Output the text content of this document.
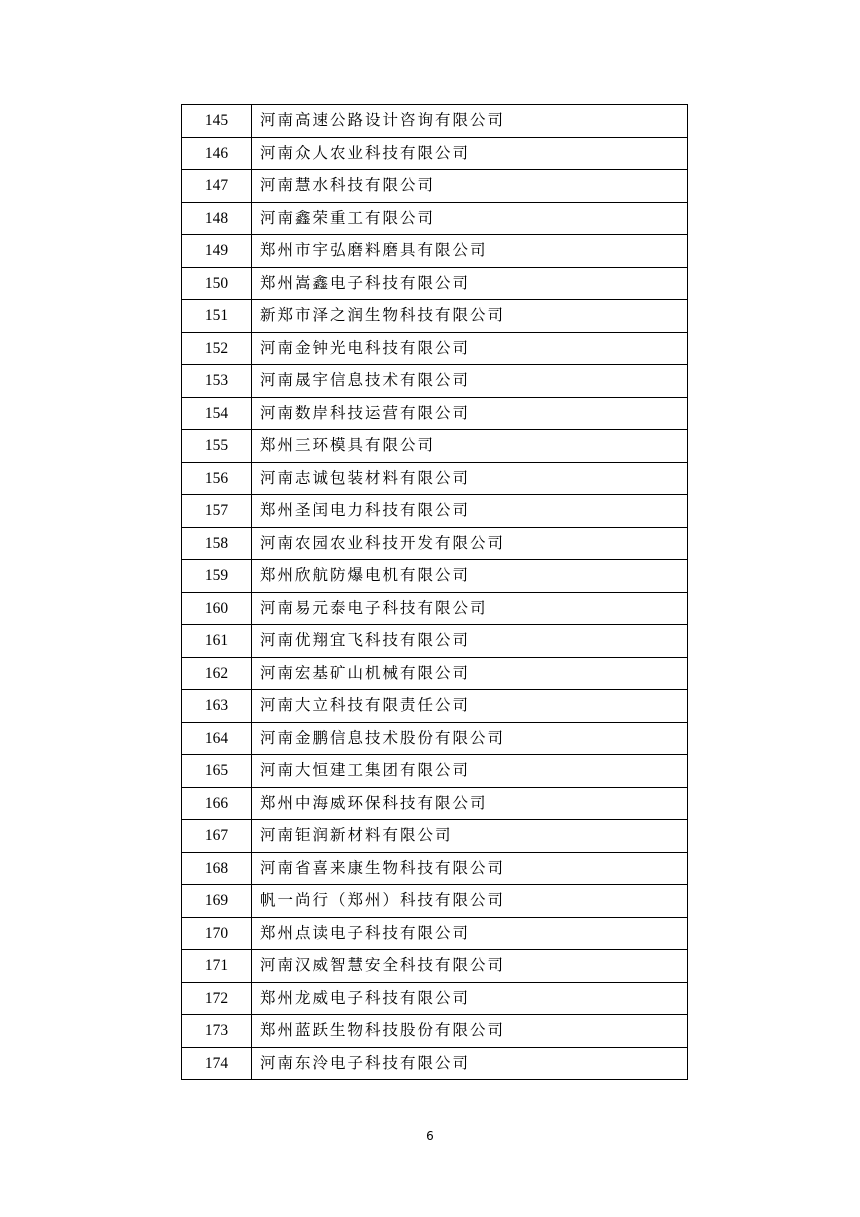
145	河南高速公路设计咨询有限公司
146	河南众人农业科技有限公司
147	河南慧水科技有限公司
148	河南鑫荣重工有限公司
149	郑州市宇弘磨料磨具有限公司
150	郑州嵩鑫电子科技有限公司
151	新郑市泽之润生物科技有限公司
152	河南金钟光电科技有限公司
153	河南晟宇信息技术有限公司
154	河南数岸科技运营有限公司
155	郑州三环模具有限公司
156	河南志诚包装材料有限公司
157	郑州圣闰电力科技有限公司
158	河南农园农业科技开发有限公司
159	郑州欣航防爆电机有限公司
160	河南易元泰电子科技有限公司
161	河南优翔宜飞科技有限公司
162	河南宏基矿山机械有限公司
163	河南大立科技有限责任公司
164	河南金鹏信息技术股份有限公司
165	河南大恒建工集团有限公司
166	郑州中海威环保科技有限公司
167	河南钜润新材料有限公司
168	河南省喜来康生物科技有限公司
169	帆一尚行（郑州）科技有限公司
170	郑州点读电子科技有限公司
171	河南汉威智慧安全科技有限公司
172	郑州龙威电子科技有限公司
173	郑州蓝跃生物科技股份有限公司
174	河南东泠电子科技有限公司
6
